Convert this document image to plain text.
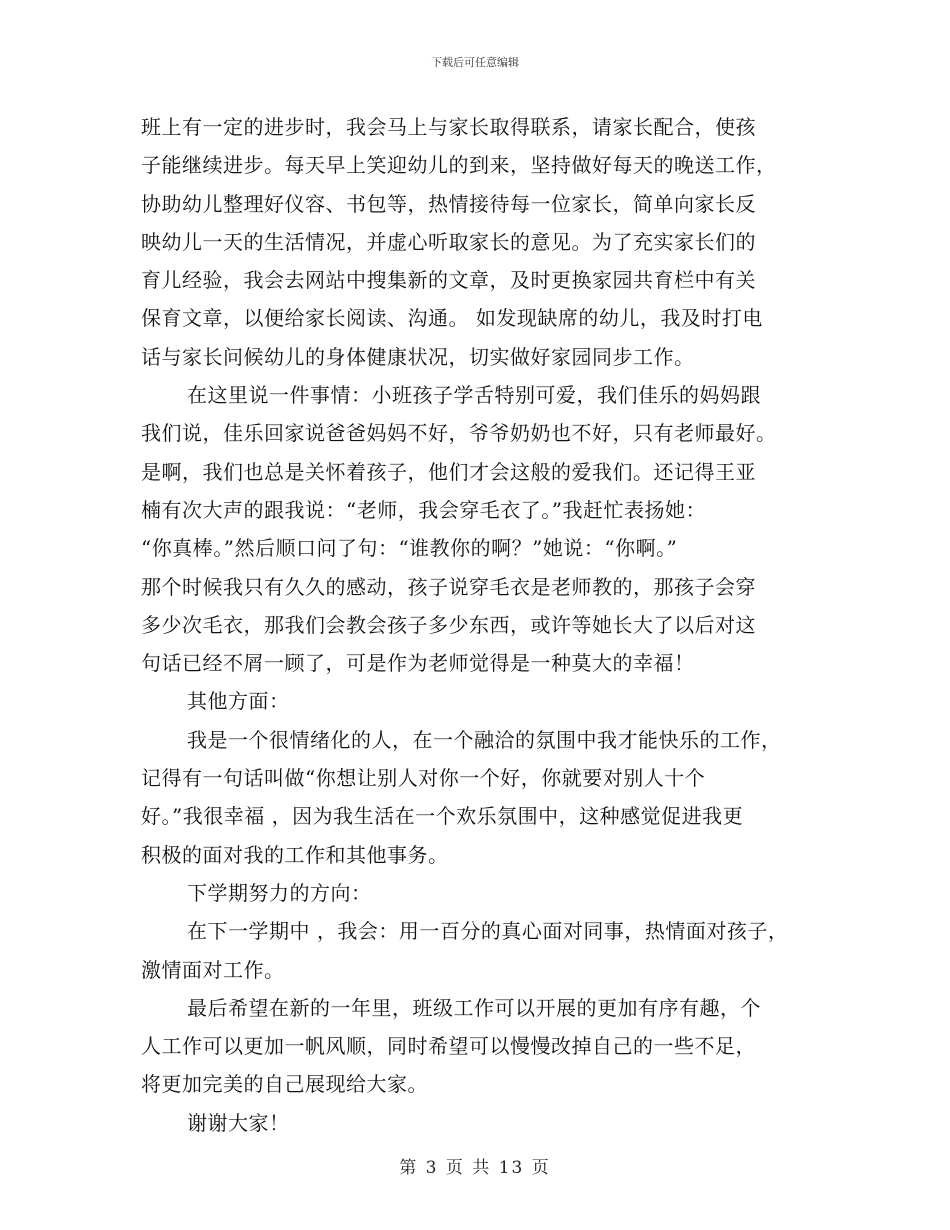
下载后可任意编辑
班上有一定的进步时，我会马上与家长取得联系，请家长配合，使孩
子能继续进步。每天早上笑迎幼儿的到来，坚持做好每天的晚送工作，
协助幼儿整理好仪容、书包等，热情接待每一位家长，简单向家长反
映幼儿一天的生活情况，并虚心听取家长的意见。为了充实家长们的
育儿经验，我会去网站中搜集新的文章，及时更换家园共育栏中有关
保育文章，以便给家长阅读、沟通。 如发现缺席的幼儿，我及时打电
话与家长问候幼儿的身体健康状况，切实做好家园同步工作。
在这里说一件事情：小班孩子学舌特别可爱，我们佳乐的妈妈跟
我们说，佳乐回家说爸爸妈妈不好，爷爷奶奶也不好，只有老师最好。
是啊，我们也总是关怀着孩子，他们才会这般的爱我们。还记得王亚
楠有次大声的跟我说：“老师，我会穿毛衣了。”我赶忙表扬她：
“你真棒。”然后顺口问了句：“谁教你的啊？”她说：“你啊。”
那个时候我只有久久的感动，孩子说穿毛衣是老师教的，那孩子会穿
多少次毛衣，那我们会教会孩子多少东西，或许等她长大了以后对这
句话已经不屑一顾了，可是作为老师觉得是一种莫大的幸福！
其他方面：
我是一个很情绪化的人，在一个融洽的氛围中我才能快乐的工作，
记得有一句话叫做“你想让别人对你一个好，你就要对别人十个
好。”我很幸福 ，因为我生活在一个欢乐氛围中，这种感觉促进我更
积极的面对我的工作和其他事务。
下学期努力的方向：
在下一学期中 ，我会：用一百分的真心面对同事，热情面对孩子，
激情面对工作。
最后希望在新的一年里，班级工作可以开展的更加有序有趣，个
人工作可以更加一帆风顺，同时希望可以慢慢改掉自己的一些不足，
将更加完美的自己展现给大家。
谢谢大家！
第 3 页 共 13 页
